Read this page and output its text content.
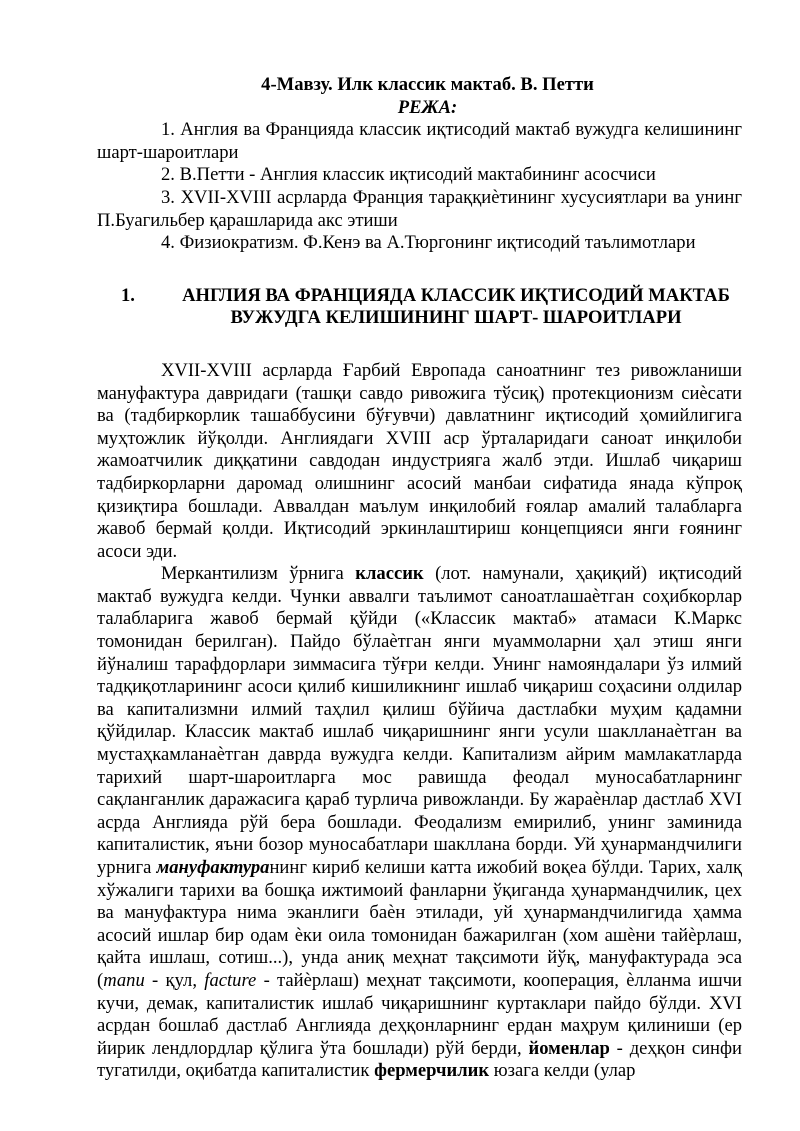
4-Мавзу. Илк классик мактаб. В. Петти

РЕЖА:

1. Англия ва Францияда классик иқтисодий мактаб вужудга келишининг шарт-шароитлари

2. В.Петти - Англия классик иқтисодий мактабининг асосчиси

3. XVII-XVIII асрларда Франция тараққиѐтининг хусусиятлари ва унинг П.Буагильбер қарашларида акс этиши

4. Физиократизм. Ф.Кенэ ва А.Тюргонинг иқтисодий таълимотлари

1.	АНГЛИЯ ВА ФРАНЦИЯДА КЛАССИК ИҚТИСОДИЙ МАКТАБ ВУЖУДГА КЕЛИШИНИНГ ШАРТ- ШАРОИТЛАРИ

XVII-XVIII асрларда Ғарбий Европада саноатнинг тез ривожланиши мануфактура давридаги (ташқи савдо ривожига тўсиқ) протекционизм сиѐсати ва (тадбиркорлик ташаббусини бўғувчи) давлатнинг иқтисодий ҳомийлигига муҳтожлик йўқолди. Англиядаги XVIII аср ўрталаридаги саноат инқилоби жамоатчилик диққатини савдодан индустрияга жалб этди. Ишлаб чиқариш тадбиркорларни даромад олишнинг асосий манбаи сифатида янада кўпроқ қизиқтира бошлади. Аввалдан маълум инқилобий ғоялар амалий талабларга жавоб бермай қолди. Иқтисодий эркинлаштириш концепцияси янги ғоянинг асоси эди.

Меркантилизм ўрнига классик (лот. намунали, ҳақиқий) иқтисодий мактаб вужудга келди. Чунки аввалги таълимот саноатлашаѐтган соҳибкорлар талабларига жавоб бермай қўйди («Классик мактаб» атамаси К.Маркс томонидан берилган). Пайдо бўлаѐтган янги муаммоларни ҳал этиш янги йўналиш тарафдорлари зиммасига тўғри келди. Унинг намояндалари ўз илмий тадқиқотларининг асоси қилиб кишиликнинг ишлаб чиқариш соҳасини олдилар ва капитализмни илмий таҳлил қилиш бўйича дастлабки муҳим қадамни қўйдилар. Классик мактаб ишлаб чиқаришнинг янги усули шаклланаѐтган ва мустаҳкамланаѐтган даврда вужудга келди. Капитализм айрим мамлакатларда тарихий шарт-шароитларга мос равишда феодал муносабатларнинг сақланганлик даражасига қараб турлича ривожланди. Бу жараѐнлар дастлаб XVI асрда Англияда рўй бера бошлади. Феодализм емирилиб, унинг заминида капиталистик, яъни бозор муносабатлари шакллана борди. Уй ҳунармандчилиги урнига мануфактуранинг кириб келиши катта ижобий воқеа бўлди. Тарих, халқ хўжалиги тарихи ва бошқа ижтимоий фанларни ўқиганда ҳунармандчилик, цех ва мануфактура нима эканлиги баѐн этилади, уй ҳунармандчилигида ҳамма асосий ишлар бир одам ѐки оила томонидан бажарилган (хом ашѐни тайѐрлаш, қайта ишлаш, сотиш...), унда аниқ меҳнат тақсимоти йўқ, мануфактурада эса (тапи - қул, facture - тайѐрлаш) меҳнат тақсимоти, кооперация, ѐлланма ишчи кучи, демак, капиталистик ишлаб чиқаришнинг куртаклари пайдо бўлди. XVI асрдан бошлаб дастлаб Англияда деҳқонларнинг ердан маҳрум қилиниши (ер йирик лендлордлар қўлига ўта бошлади) рўй берди, йоменлар - деҳқон синфи тугатилди, оқибатда капиталистик фермерчилик юзага келди (улар
